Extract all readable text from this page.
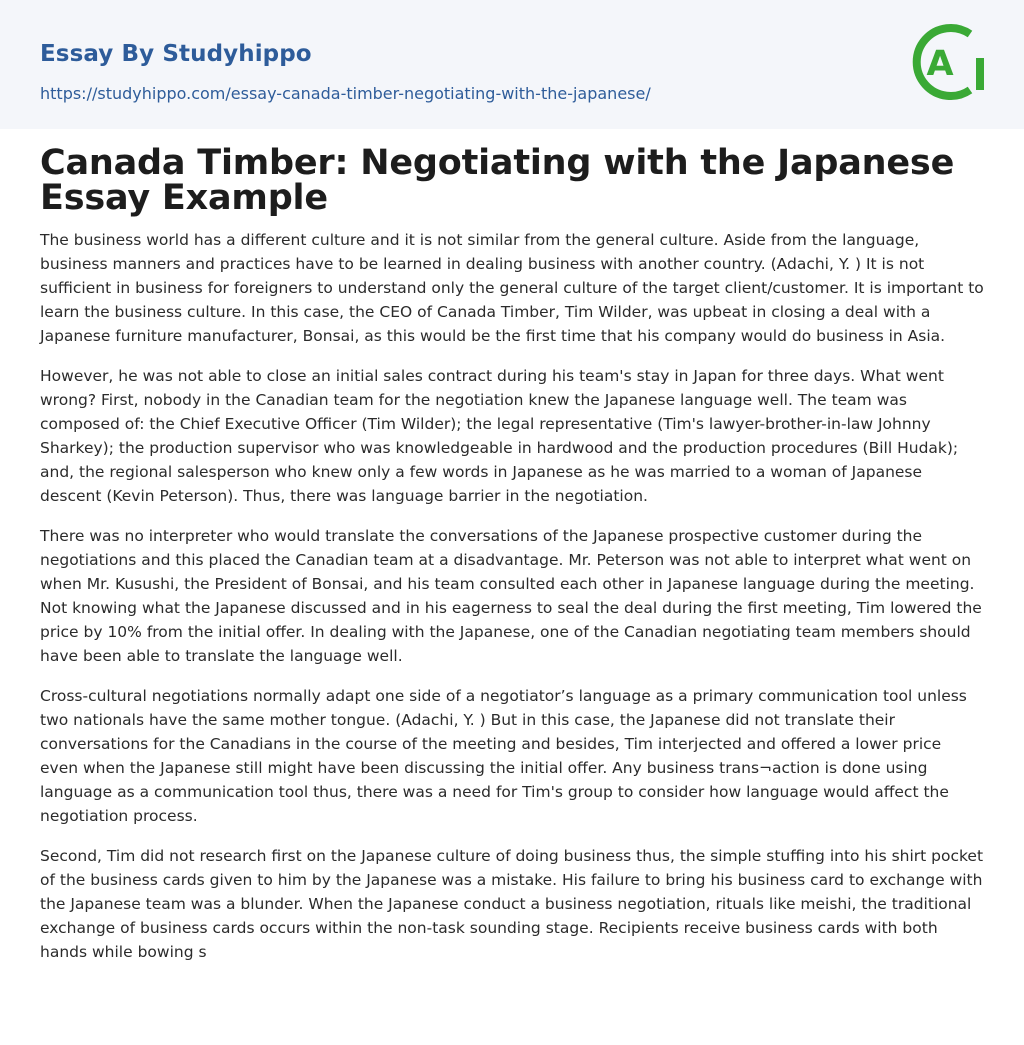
Essay By Studyhippo
https://studyhippo.com/essay-canada-timber-negotiating-with-the-japanese/
A
Canada Timber: Negotiating with the Japanese Essay Example

The business world has a different culture and it is not similar from the general culture. Aside from the language, business manners and practices have to be learned in dealing business with another country. (Adachi, Y. ) It is not sufficient in business for foreigners to understand only the general culture of the target client/customer. It is important to learn the business culture. In this case, the CEO of Canada Timber, Tim Wilder, was upbeat in closing a deal with a Japanese furniture manufacturer, Bonsai, as this would be the first time that his company would do business in Asia.

However, he was not able to close an initial sales contract during his team's stay in Japan for three days. What went wrong? First, nobody in the Canadian team for the negotiation knew the Japanese language well. The team was composed of: the Chief Executive Officer (Tim Wilder); the legal representative (Tim's lawyer-brother-in-law Johnny Sharkey); the production supervisor who was knowledgeable in hardwood and the production procedures (Bill Hudak); and, the regional salesperson who knew only a few words in Japanese as he was married to a woman of Japanese descent (Kevin Peterson). Thus, there was language barrier in the negotiation.

There was no interpreter who would translate the conversations of the Japanese prospective customer during the negotiations and this placed the Canadian team at a disadvantage. Mr. Peterson was not able to interpret what went on when Mr. Kusushi, the President of Bonsai, and his team consulted each other in Japanese language during the meeting. Not knowing what the Japanese discussed and in his eagerness to seal the deal during the first meeting, Tim lowered the price by 10% from the initial offer. In dealing with the Japanese, one of the Canadian negotiating team members should have been able to translate the language well.

Cross-cultural negotiations normally adapt one side of a negotiator’s language as a primary communication tool unless two nationals have the same mother tongue. (Adachi, Y. ) But in this case, the Japanese did not translate their conversations for the Canadians in the course of the meeting and besides, Tim interjected and offered a lower price even when the Japanese still might have been discussing the initial offer. Any business trans¬action is done using language as a communication tool thus, there was a need for Tim's group to consider how language would affect the negotiation process.

Second, Tim did not research first on the Japanese culture of doing business thus, the simple stuffing into his shirt pocket of the business cards given to him by the Japanese was a mistake. His failure to bring his business card to exchange with the Japanese team was a blunder. When the Japanese conduct a business negotiation, rituals like meishi, the traditional exchange of business cards occurs within the non-task sounding stage. Recipients receive business cards with both hands while bowing s
